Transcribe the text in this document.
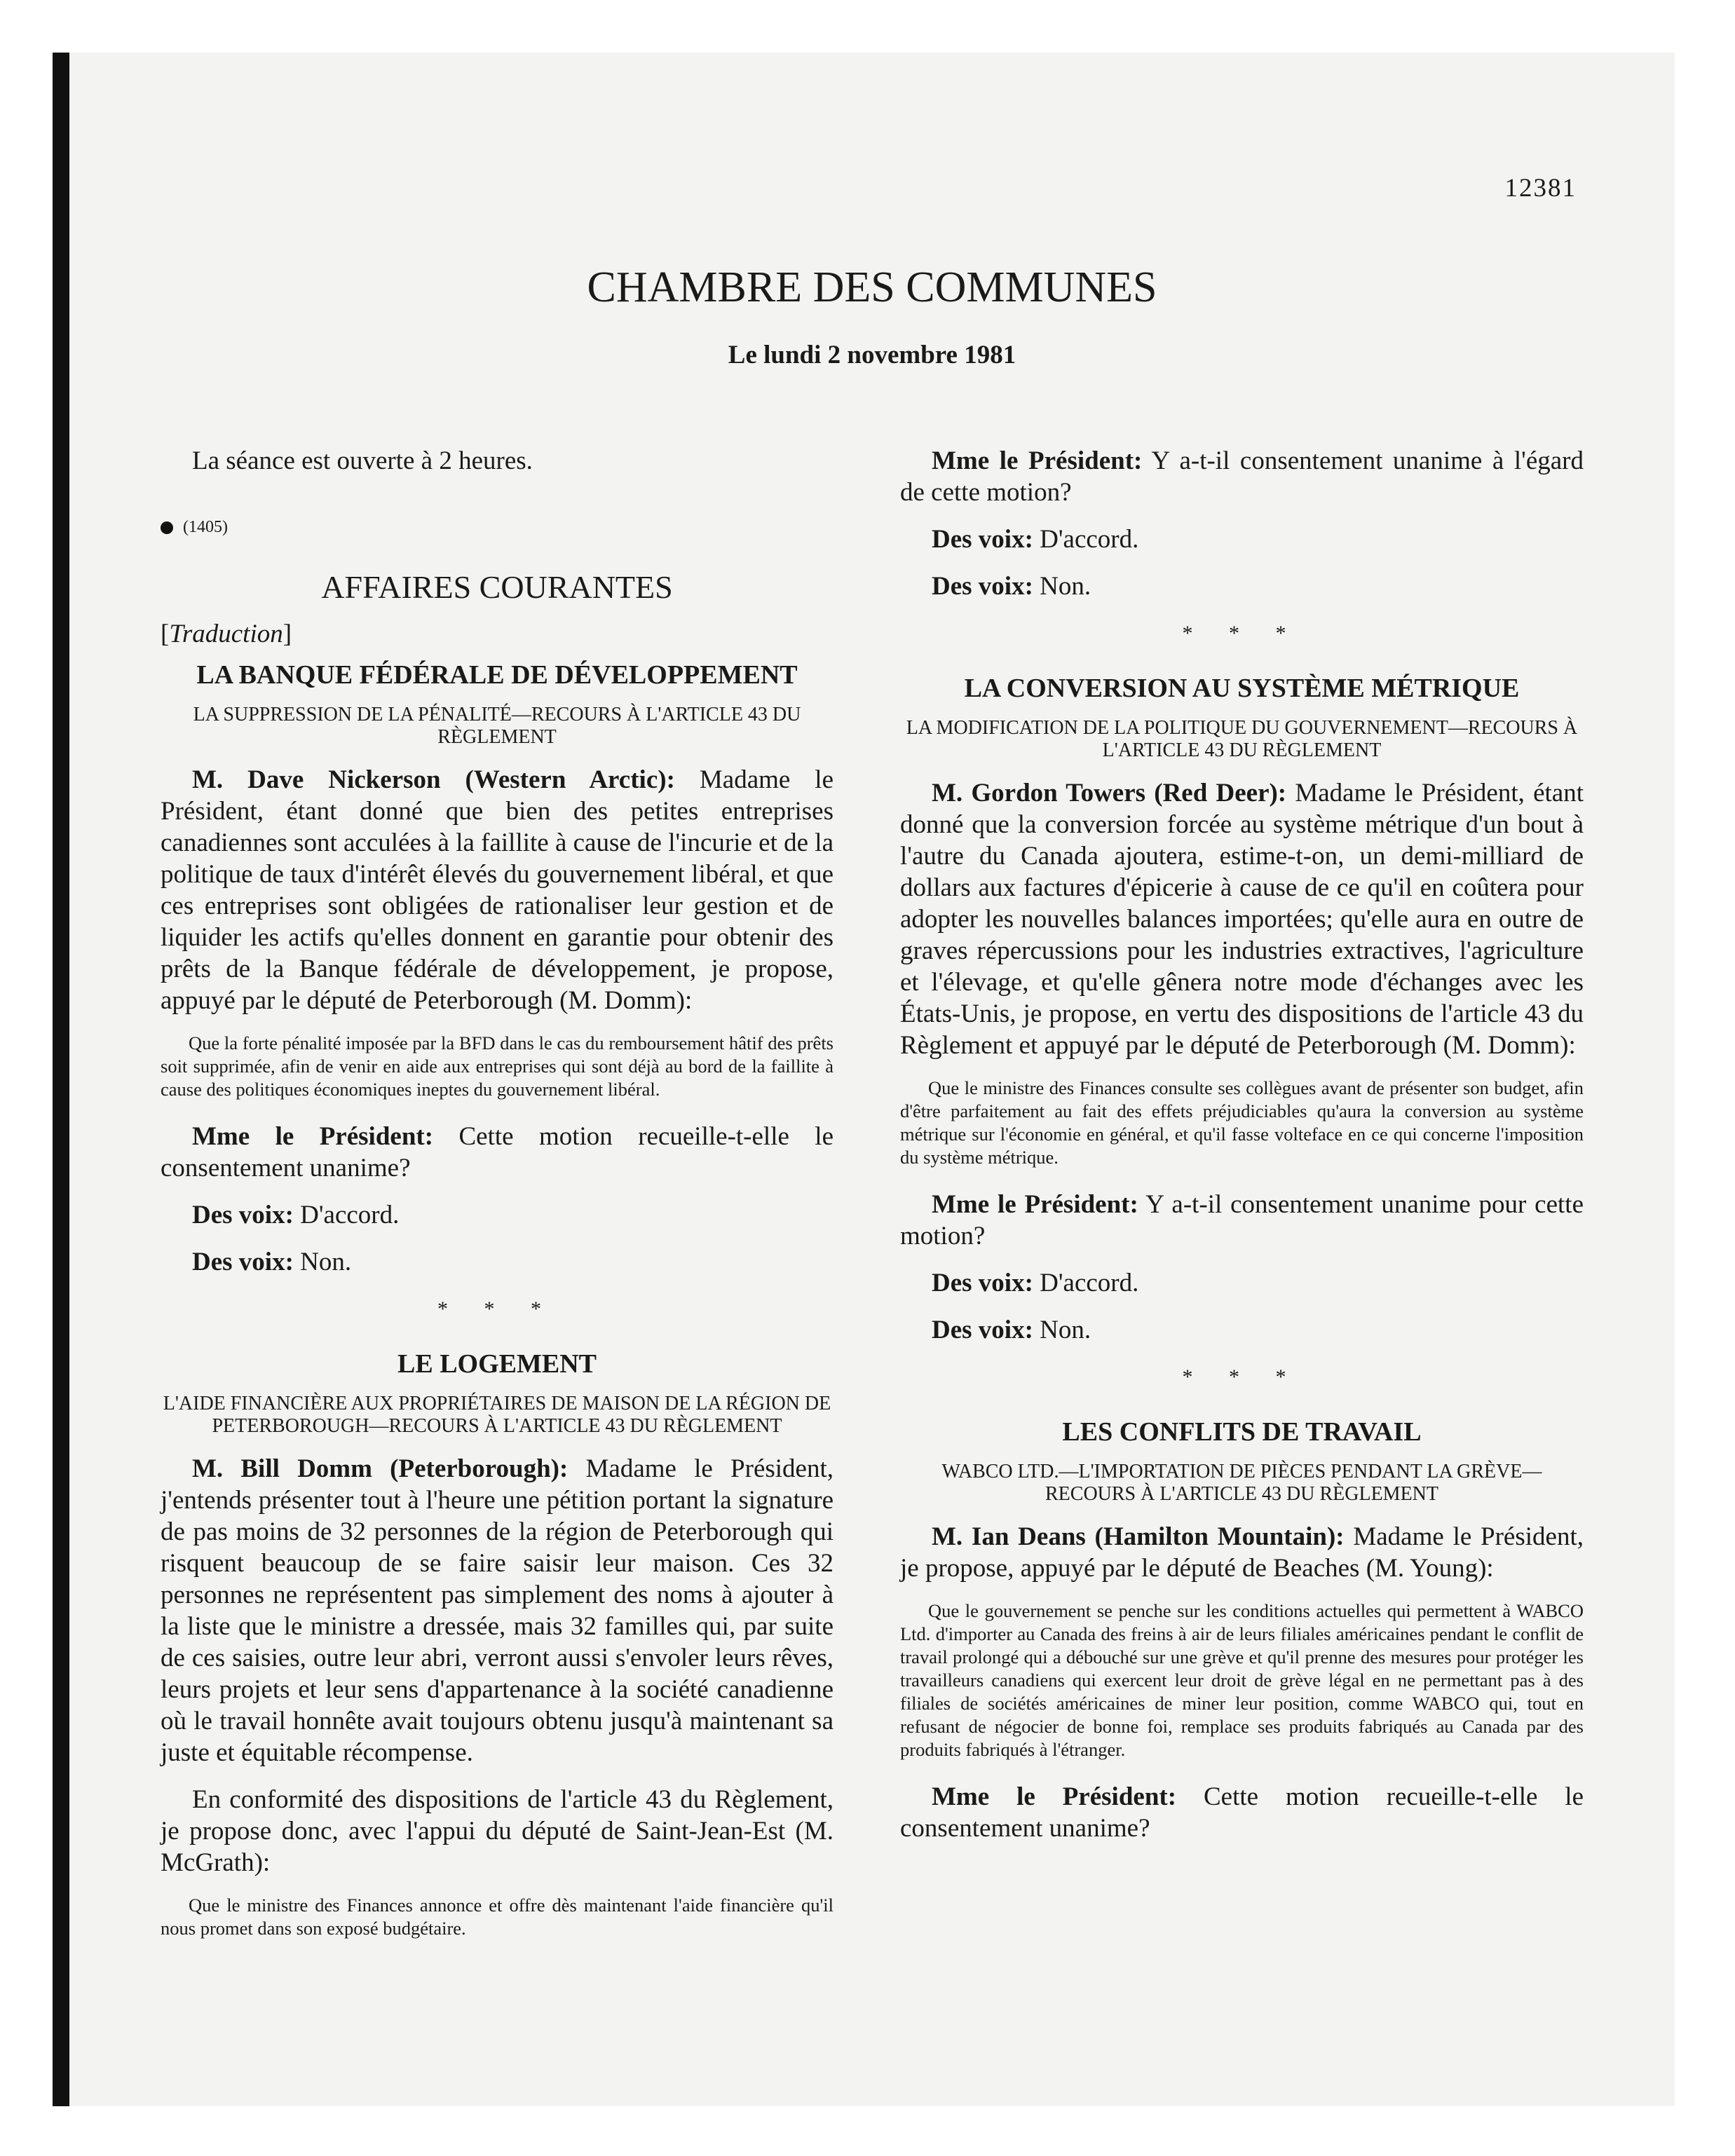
12381
CHAMBRE DES COMMUNES
Le lundi 2 novembre 1981

La séance est ouverte à 2 heures.

(1405)
AFFAIRES COURANTES
[Traduction]
LA BANQUE FÉDÉRALE DE DÉVELOPPEMENT
LA SUPPRESSION DE LA PÉNALITÉ—RECOURS À L'ARTICLE 43 DU RÈGLEMENT

M. Dave Nickerson (Western Arctic): Madame le Président, étant donné que bien des petites entreprises canadiennes sont acculées à la faillite à cause de l'incurie et de la politique de taux d'intérêt élevés du gouvernement libéral, et que ces entreprises sont obligées de rationaliser leur gestion et de liquider les actifs qu'elles donnent en garantie pour obtenir des prêts de la Banque fédérale de développement, je propose, appuyé par le député de Peterborough (M. Domm):

Que la forte pénalité imposée par la BFD dans le cas du remboursement hâtif des prêts soit supprimée, afin de venir en aide aux entreprises qui sont déjà au bord de la faillite à cause des politiques économiques ineptes du gouvernement libéral.

Mme le Président: Cette motion recueille-t-elle le consentement unanime?

Des voix: D'accord.

Des voix: Non.

* * *
LE LOGEMENT
L'AIDE FINANCIÈRE AUX PROPRIÉTAIRES DE MAISON DE LA RÉGION DE PETERBOROUGH—RECOURS À L'ARTICLE 43 DU RÈGLEMENT

M. Bill Domm (Peterborough): Madame le Président, j'entends présenter tout à l'heure une pétition portant la signature de pas moins de 32 personnes de la région de Peterborough qui risquent beaucoup de se faire saisir leur maison. Ces 32 personnes ne représentent pas simplement des noms à ajouter à la liste que le ministre a dressée, mais 32 familles qui, par suite de ces saisies, outre leur abri, verront aussi s'envoler leurs rêves, leurs projets et leur sens d'appartenance à la société canadienne où le travail honnête avait toujours obtenu jusqu'à maintenant sa juste et équitable récompense.

En conformité des dispositions de l'article 43 du Règlement, je propose donc, avec l'appui du député de Saint-Jean-Est (M. McGrath):

Que le ministre des Finances annonce et offre dès maintenant l'aide financière qu'il nous promet dans son exposé budgétaire.

Mme le Président: Y a-t-il consentement unanime à l'égard de cette motion?

Des voix: D'accord.

Des voix: Non.

* * *
LA CONVERSION AU SYSTÈME MÉTRIQUE
LA MODIFICATION DE LA POLITIQUE DU GOUVERNEMENT—RECOURS À L'ARTICLE 43 DU RÈGLEMENT

M. Gordon Towers (Red Deer): Madame le Président, étant donné que la conversion forcée au système métrique d'un bout à l'autre du Canada ajoutera, estime-t-on, un demi-milliard de dollars aux factures d'épicerie à cause de ce qu'il en coûtera pour adopter les nouvelles balances importées; qu'elle aura en outre de graves répercussions pour les industries extractives, l'agriculture et l'élevage, et qu'elle gênera notre mode d'échanges avec les États-Unis, je propose, en vertu des dispositions de l'article 43 du Règlement et appuyé par le député de Peterborough (M. Domm):

Que le ministre des Finances consulte ses collègues avant de présenter son budget, afin d'être parfaitement au fait des effets préjudiciables qu'aura la conversion au système métrique sur l'économie en général, et qu'il fasse volteface en ce qui concerne l'imposition du système métrique.

Mme le Président: Y a-t-il consentement unanime pour cette motion?

Des voix: D'accord.

Des voix: Non.

* * *
LES CONFLITS DE TRAVAIL
WABCO LTD.—L'IMPORTATION DE PIÈCES PENDANT LA GRÈVE—RECOURS À L'ARTICLE 43 DU RÈGLEMENT

M. Ian Deans (Hamilton Mountain): Madame le Président, je propose, appuyé par le député de Beaches (M. Young):

Que le gouvernement se penche sur les conditions actuelles qui permettent à WABCO Ltd. d'importer au Canada des freins à air de leurs filiales américaines pendant le conflit de travail prolongé qui a débouché sur une grève et qu'il prenne des mesures pour protéger les travailleurs canadiens qui exercent leur droit de grève légal en ne permettant pas à des filiales de sociétés américaines de miner leur position, comme WABCO qui, tout en refusant de négocier de bonne foi, remplace ses produits fabriqués au Canada par des produits fabriqués à l'étranger.

Mme le Président: Cette motion recueille-t-elle le consentement unanime?
